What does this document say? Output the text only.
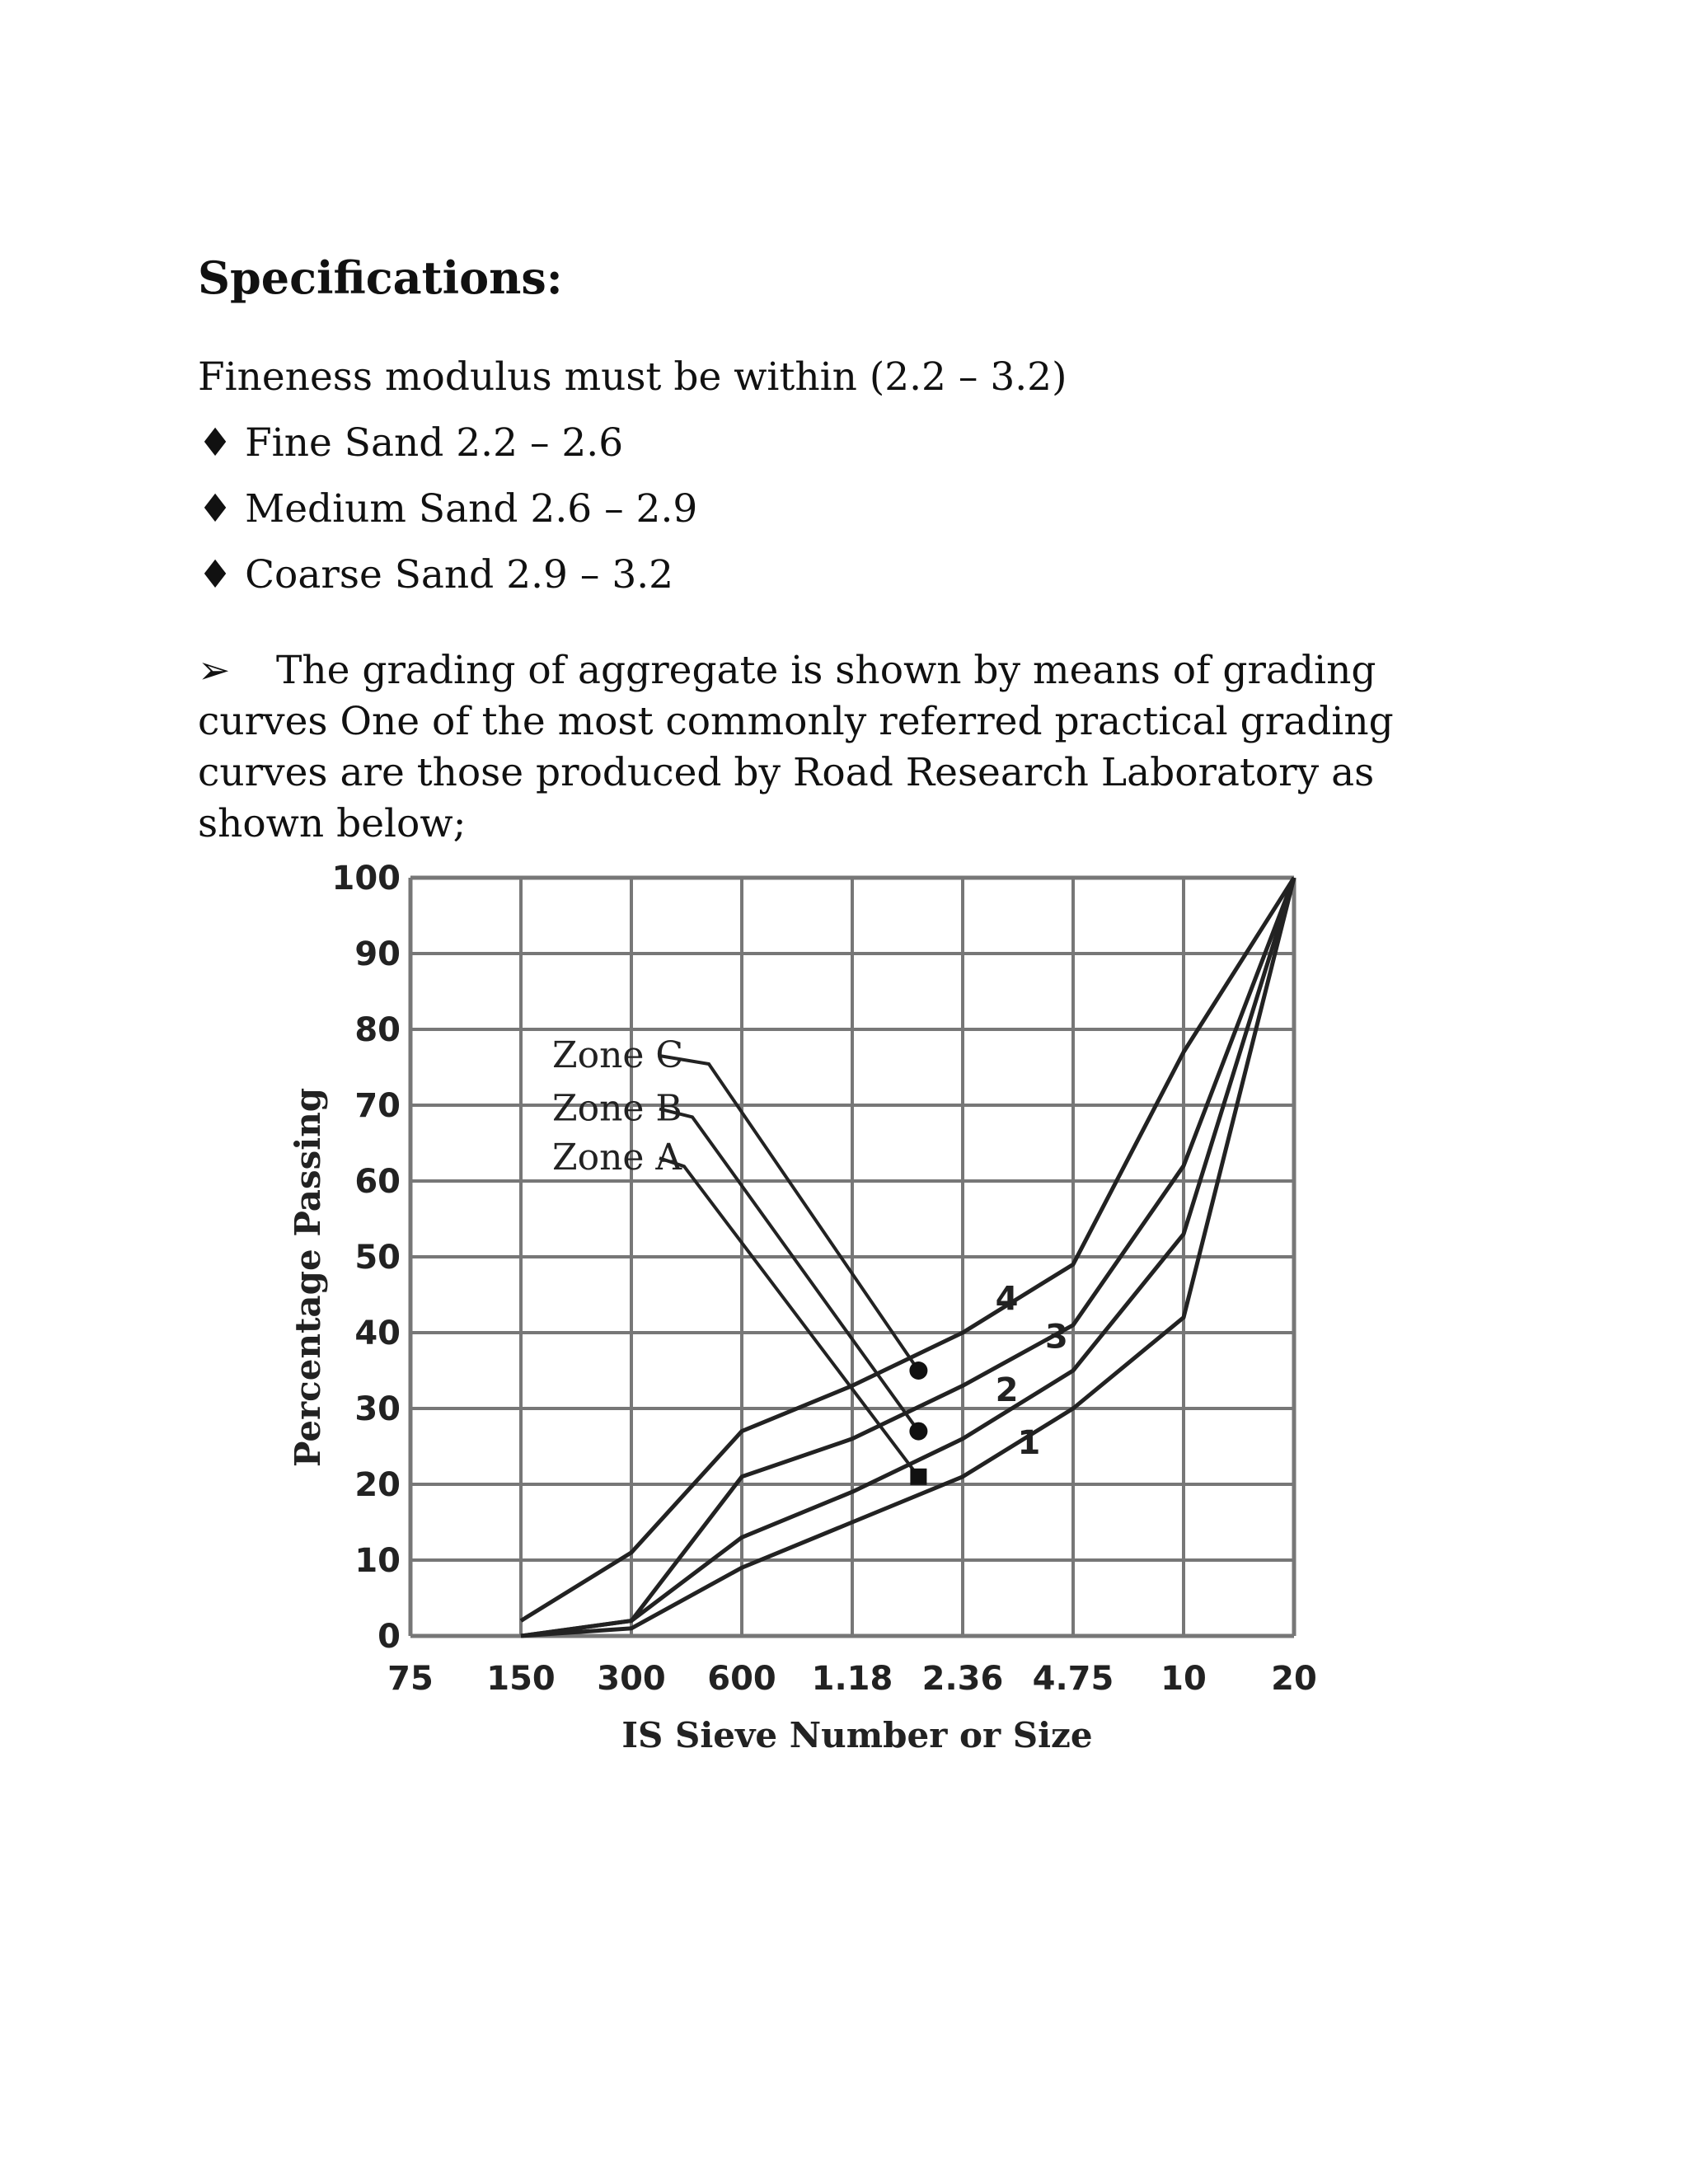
Specifications:
Fineness modulus must be within (2.2 – 3.2)
♦ Fine Sand 2.2 – 2.6
♦ Medium Sand 2.6 – 2.9
♦ Coarse Sand 2.9 – 3.2
➢ The grading of aggregate is shown by means of grading curves One of the most commonly referred practical grading curves are those produced by Road Research Laboratory as shown below;
1
2
3
4
Zone C
Zone B
Zone A
0
10
20
30
40
50
60
70
80
90
100
75 150 300 600 1.18 2.36 4.75 10 20
IS Sieve Number or Size
Percentage Passing
